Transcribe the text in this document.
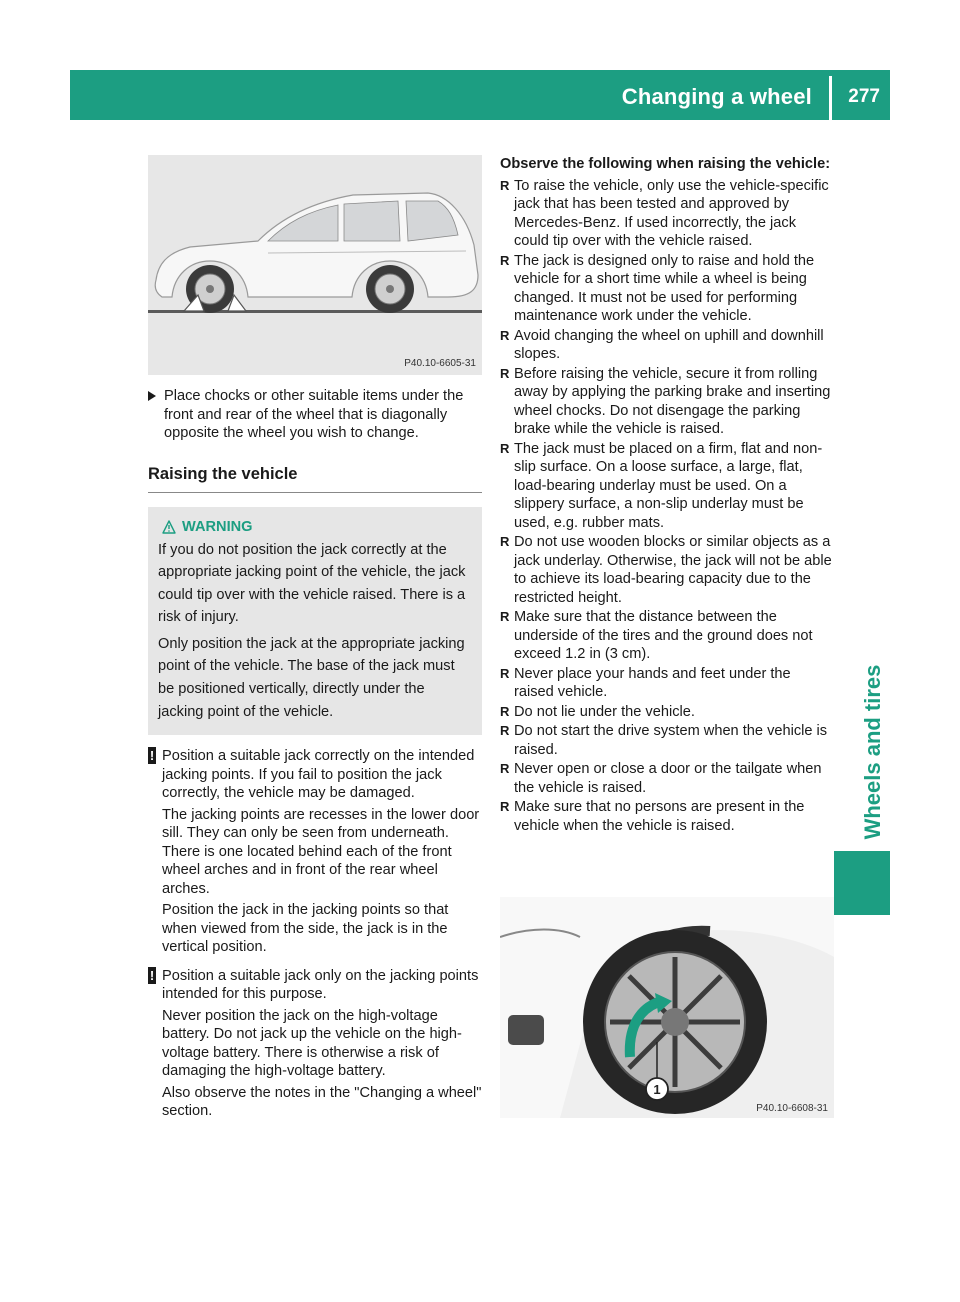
Changing a wheel 277
Wheels and tires
P40.10-6605-31

Place chocks or other suitable items under the front and rear of the wheel that is diagonally opposite the wheel you wish to change.

Raising the vehicle
WARNING

If you do not position the jack correctly at the appropriate jacking point of the vehicle, the jack could tip over with the vehicle raised. There is a risk of injury.

Only position the jack at the appropriate jacking point of the vehicle. The base of the jack must be positioned vertically, directly under the jacking point of the vehicle.

! Position a suitable jack correctly on the intended jacking points. If you fail to position the jack correctly, the vehicle may be damaged.

The jacking points are recesses in the lower door sill. They can only be seen from underneath. There is one located behind each of the front wheel arches and in front of the rear wheel arches.

Position the jack in the jacking points so that when viewed from the side, the jack is in the vertical position.

! Position a suitable jack only on the jacking points intended for this purpose.

Never position the jack on the high-voltage battery. Do not jack up the vehicle on the high-voltage battery. There is otherwise a risk of damaging the high-voltage battery.

Also observe the notes in the "Changing a wheel" section.

Observe the following when raising the vehicle:

R To raise the vehicle, only use the vehicle-specific jack that has been tested and approved by Mercedes-Benz. If used incorrectly, the jack could tip over with the vehicle raised.
R The jack is designed only to raise and hold the vehicle for a short time while a wheel is being changed. It must not be used for performing maintenance work under the vehicle.
R Avoid changing the wheel on uphill and downhill slopes.
R Before raising the vehicle, secure it from rolling away by applying the parking brake and inserting wheel chocks. Do not disengage the parking brake while the vehicle is raised.
R The jack must be placed on a firm, flat and non-slip surface. On a loose surface, a large, flat, load-bearing underlay must be used. On a slippery surface, a non-slip underlay must be used, e.g. rubber mats.
R Do not use wooden blocks or similar objects as a jack underlay. Otherwise, the jack will not be able to achieve its load-bearing capacity due to the restricted height.
R Make sure that the distance between the underside of the tires and the ground does not exceed 1.2 in (3 cm).
R Never place your hands and feet under the raised vehicle.
R Do not lie under the vehicle.
R Do not start the drive system when the vehicle is raised.
R Never open or close a door or the tailgate when the vehicle is raised.
R Make sure that no persons are present in the vehicle when the vehicle is raised.
1
P40.10-6608-31
